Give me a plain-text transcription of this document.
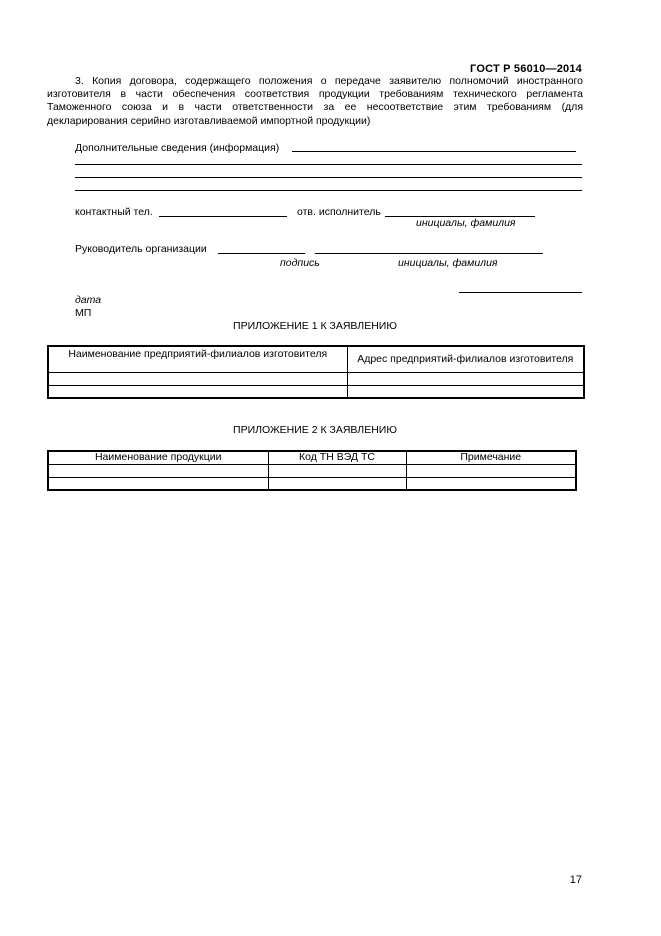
ГОСТ Р 56010—2014
3. Копия договора, содержащего положения о передаче заявителю полномочий иностранного изготовителя в части обеспечения соответствия продукции требованиям технического регламента Таможенного союза и в части ответственности за ее несоответствие этим требованиям (для декларирования серийно изготавливаемой импортной продукции)
Дополнительные сведения (информация)
контактный тел.	отв. исполнитель
инициалы, фамилия
Руководитель организации
подпись	инициалы, фамилия
дата
МП
ПРИЛОЖЕНИЕ 1 К ЗАЯВЛЕНИЮ
Наименование предприятий-филиалов изготовителя	Адрес предприятий-филиалов изготовителя

ПРИЛОЖЕНИЕ 2 К ЗАЯВЛЕНИЮ
Наименование продукции	Код ТН ВЭД ТС	Примечание

17
